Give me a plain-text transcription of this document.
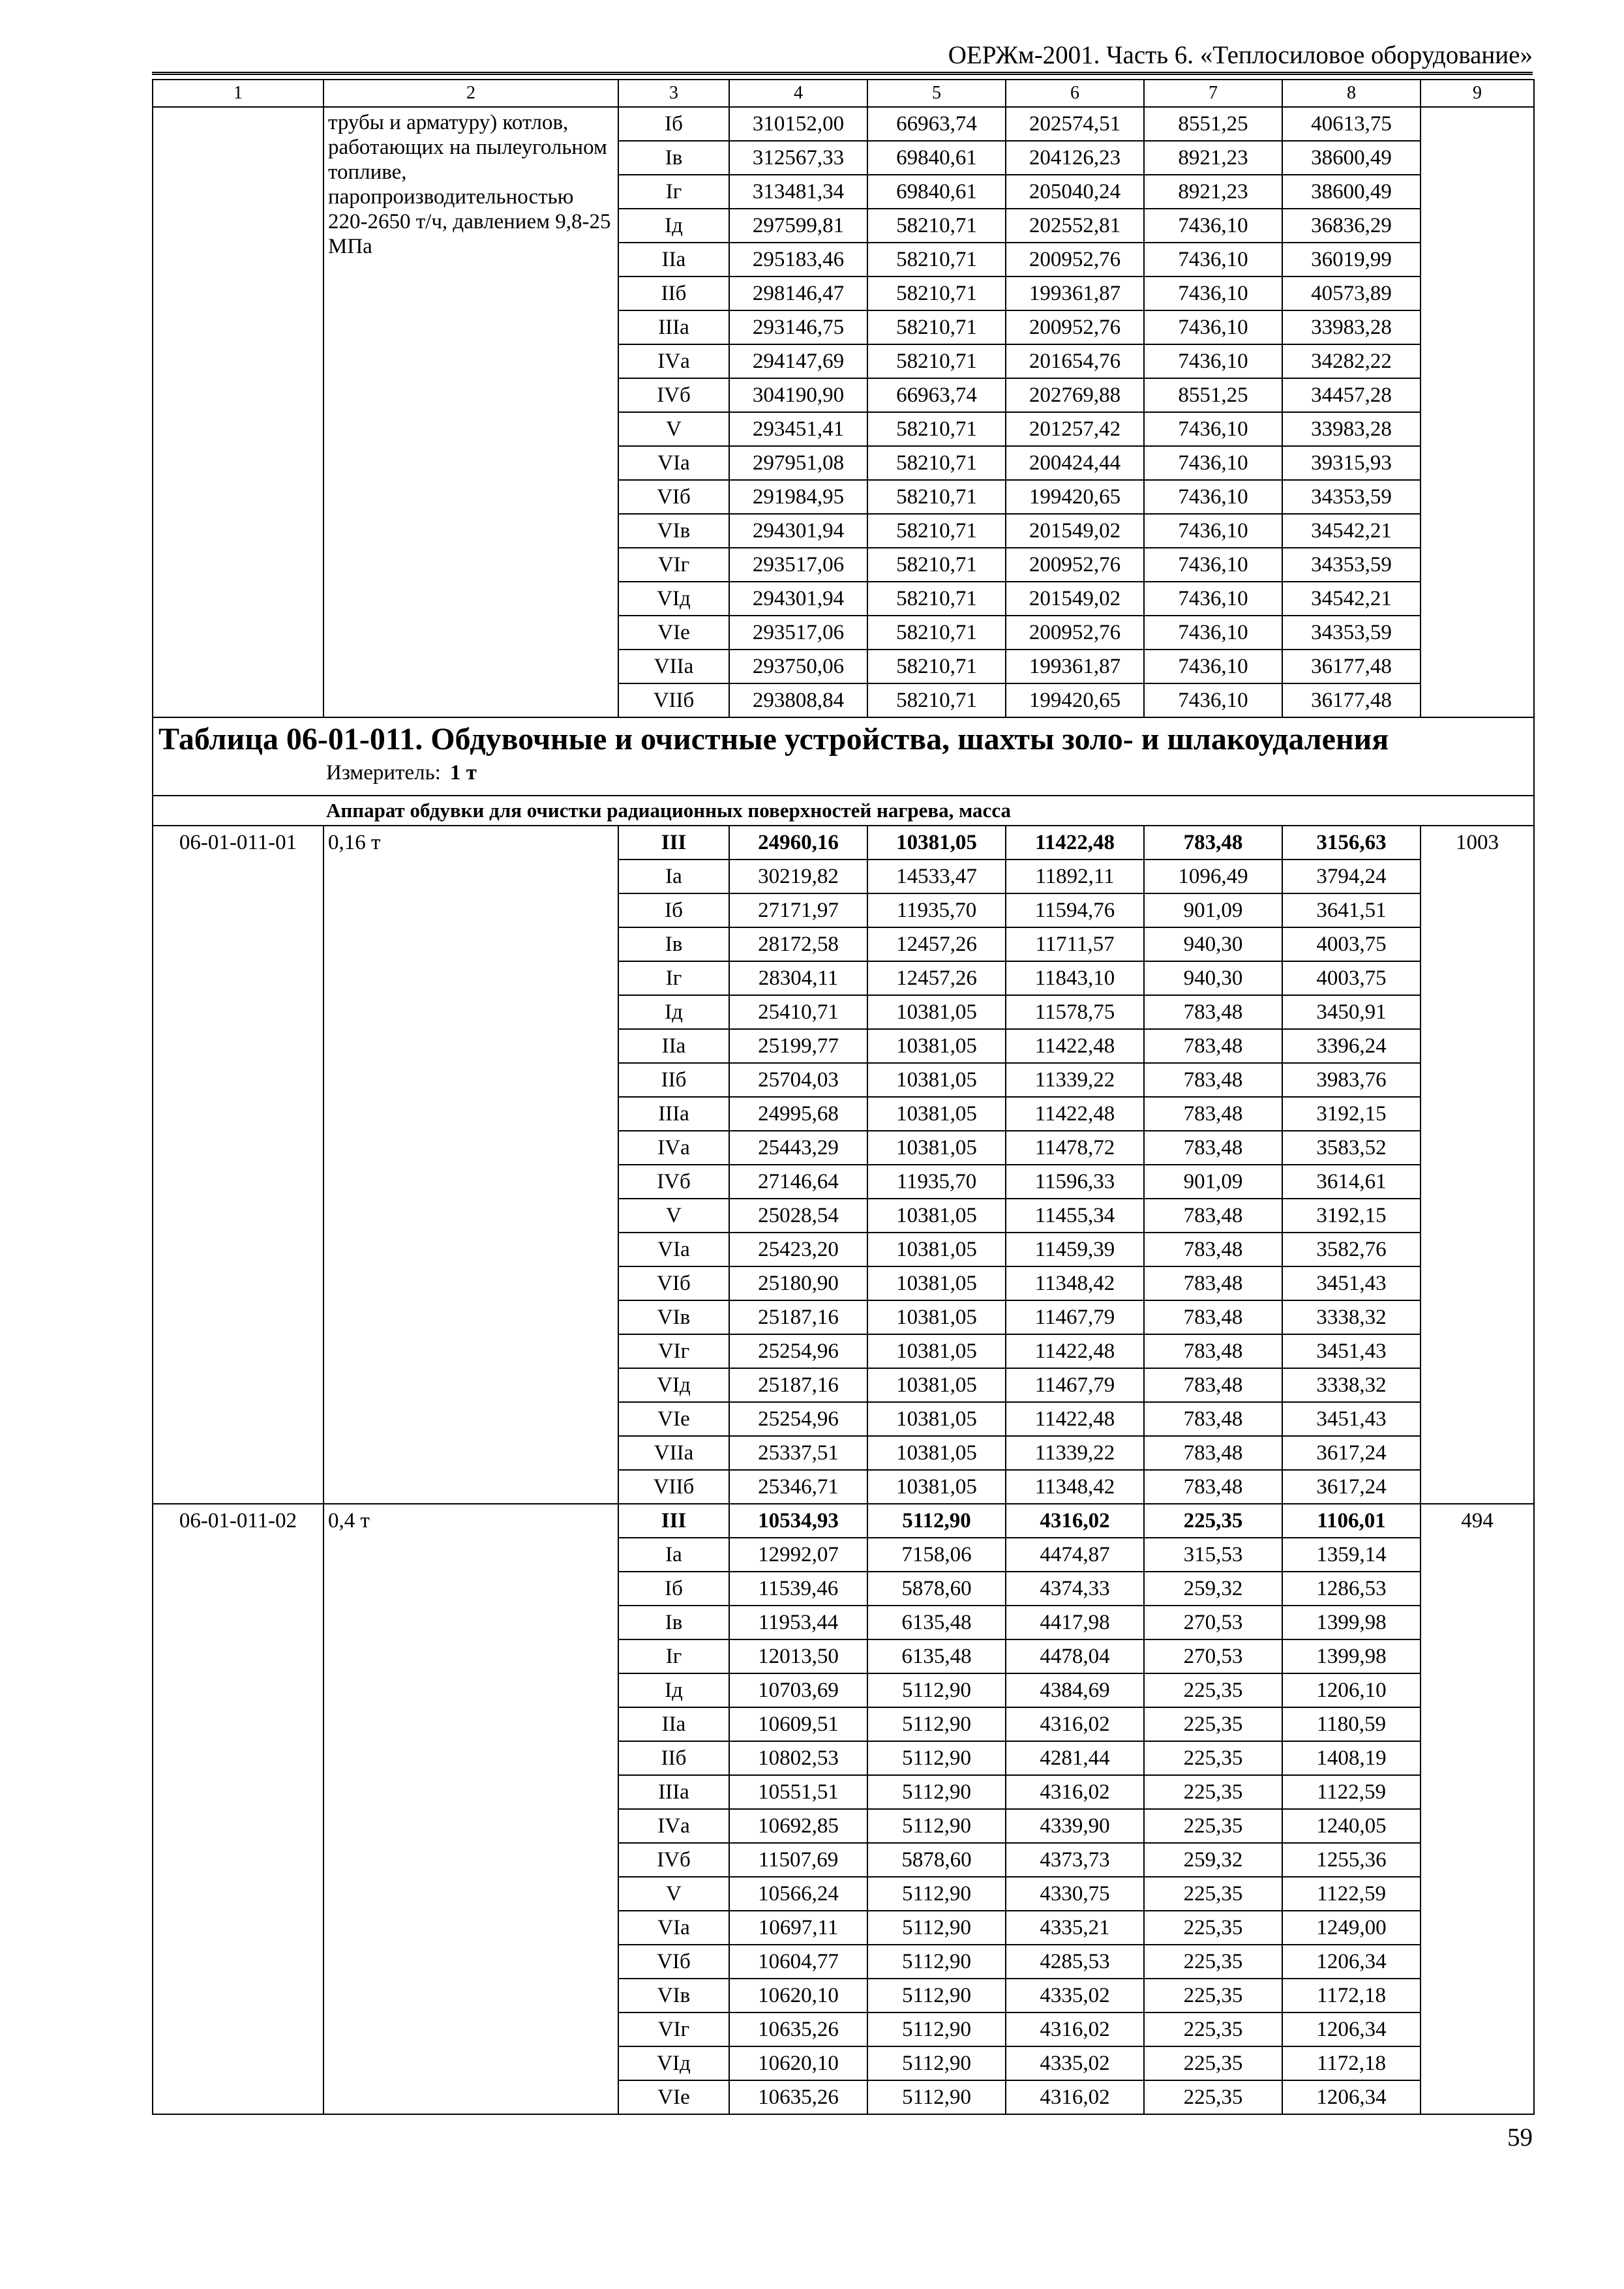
ОЕРЖм-2001. Часть 6. «Теплосиловое оборудование»
1	2	3	4	5	6	7	8	9

	трубы и арматуру) котлов, работающих на пылеугольном топливе, паропроизводительностью 220-2650 т/ч, давлением 9,8-25 МПа	Iб	310152,00	66963,74	202574,51	8551,25	40613,75	
		Iв	312567,33	69840,61	204126,23	8921,23	38600,49	
		Iг	313481,34	69840,61	205040,24	8921,23	38600,49	
		Iд	297599,81	58210,71	202552,81	7436,10	36836,29	
		IIа	295183,46	58210,71	200952,76	7436,10	36019,99	
		IIб	298146,47	58210,71	199361,87	7436,10	40573,89	
		IIIа	293146,75	58210,71	200952,76	7436,10	33983,28	
		IVа	294147,69	58210,71	201654,76	7436,10	34282,22	
		IVб	304190,90	66963,74	202769,88	8551,25	34457,28	
		V	293451,41	58210,71	201257,42	7436,10	33983,28	
		VIа	297951,08	58210,71	200424,44	7436,10	39315,93	
		VIб	291984,95	58210,71	199420,65	7436,10	34353,59	
		VIв	294301,94	58210,71	201549,02	7436,10	34542,21	
		VIг	293517,06	58210,71	200952,76	7436,10	34353,59	
		VIд	294301,94	58210,71	201549,02	7436,10	34542,21	
		VIе	293517,06	58210,71	200952,76	7436,10	34353,59	
		VIIа	293750,06	58210,71	199361,87	7436,10	36177,48	
		VIIб	293808,84	58210,71	199420,65	7436,10	36177,48	

Таблица 06-01-011. Обдувочные и очистные устройства, шахты золо- и шлакоудаления
Измеритель: 1 т								

Аппарат обдувки для очистки радиационных поверхностей нагрева, масса								
06-01-011-01	0,16 т	III	24960,16	10381,05	11422,48	783,48	3156,63	1003
		Iа	30219,82	14533,47	11892,11	1096,49	3794,24	
		Iб	27171,97	11935,70	11594,76	901,09	3641,51	
		Iв	28172,58	12457,26	11711,57	940,30	4003,75	
		Iг	28304,11	12457,26	11843,10	940,30	4003,75	
		Iд	25410,71	10381,05	11578,75	783,48	3450,91	
		IIа	25199,77	10381,05	11422,48	783,48	3396,24	
		IIб	25704,03	10381,05	11339,22	783,48	3983,76	
		IIIа	24995,68	10381,05	11422,48	783,48	3192,15	
		IVа	25443,29	10381,05	11478,72	783,48	3583,52	
		IVб	27146,64	11935,70	11596,33	901,09	3614,61	
		V	25028,54	10381,05	11455,34	783,48	3192,15	
		VIа	25423,20	10381,05	11459,39	783,48	3582,76	
		VIб	25180,90	10381,05	11348,42	783,48	3451,43	
		VIв	25187,16	10381,05	11467,79	783,48	3338,32	
		VIг	25254,96	10381,05	11422,48	783,48	3451,43	
		VIд	25187,16	10381,05	11467,79	783,48	3338,32	
		VIе	25254,96	10381,05	11422,48	783,48	3451,43	
		VIIа	25337,51	10381,05	11339,22	783,48	3617,24	
		VIIб	25346,71	10381,05	11348,42	783,48	3617,24	
06-01-011-02	0,4 т	III	10534,93	5112,90	4316,02	225,35	1106,01	494
		Iа	12992,07	7158,06	4474,87	315,53	1359,14	
		Iб	11539,46	5878,60	4374,33	259,32	1286,53	
		Iв	11953,44	6135,48	4417,98	270,53	1399,98	
		Iг	12013,50	6135,48	4478,04	270,53	1399,98	
		Iд	10703,69	5112,90	4384,69	225,35	1206,10	
		IIа	10609,51	5112,90	4316,02	225,35	1180,59	
		IIб	10802,53	5112,90	4281,44	225,35	1408,19	
		IIIа	10551,51	5112,90	4316,02	225,35	1122,59	
		IVа	10692,85	5112,90	4339,90	225,35	1240,05	
		IVб	11507,69	5878,60	4373,73	259,32	1255,36	
		V	10566,24	5112,90	4330,75	225,35	1122,59	
		VIа	10697,11	5112,90	4335,21	225,35	1249,00	
		VIб	10604,77	5112,90	4285,53	225,35	1206,34	
		VIв	10620,10	5112,90	4335,02	225,35	1172,18	
		VIг	10635,26	5112,90	4316,02	225,35	1206,34	
		VIд	10620,10	5112,90	4335,02	225,35	1172,18	
		VIе	10635,26	5112,90	4316,02	225,35	1206,34	
59
